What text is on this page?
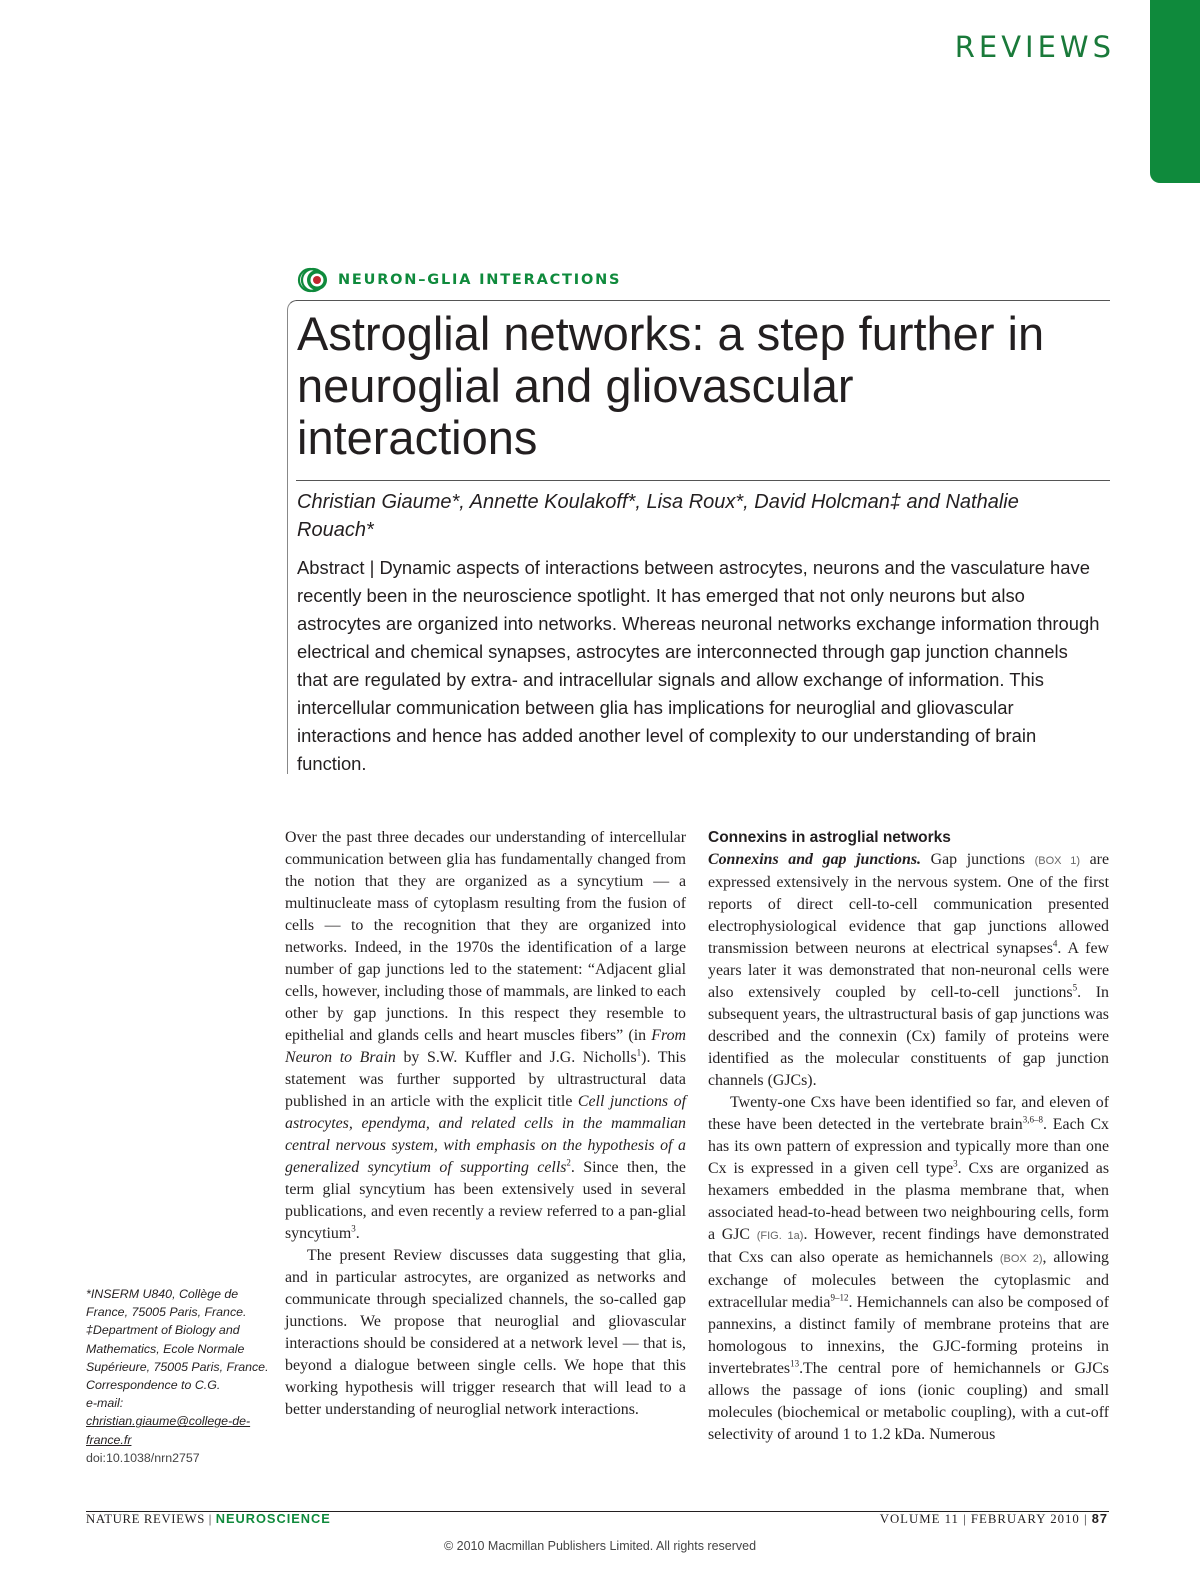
REVIEWS
NEURON–GLIA INTERACTIONS
Astroglial networks: a step further in neuroglial and gliovascular interactions
Christian Giaume*, Annette Koulakoff*, Lisa Roux*, David Holcman‡ and Nathalie Rouach*
Abstract | Dynamic aspects of interactions between astrocytes, neurons and the vasculature have recently been in the neuroscience spotlight. It has emerged that not only neurons but also astrocytes are organized into networks. Whereas neuronal networks exchange information through electrical and chemical synapses, astrocytes are interconnected through gap junction channels that are regulated by extra- and intracellular signals and allow exchange of information. This intercellular communication between glia has implications for neuroglial and gliovascular interactions and hence has added another level of complexity to our understanding of brain function.

Over the past three decades our understanding of intercellular communication between glia has fundamentally changed from the notion that they are organized as a syncytium — a multinucleate mass of cytoplasm resulting from the fusion of cells — to the recognition that they are organized into networks. Indeed, in the 1970s the identification of a large number of gap junctions led to the statement: “Adjacent glial cells, however, including those of mammals, are linked to each other by gap junctions. In this respect they resemble to epithelial and glands cells and heart muscles fibers” (in From Neuron to Brain by S.W. Kuffler and J.G. Nicholls$^1$). This statement was further supported by ultrastructural data published in an article with the explicit title Cell junctions of astrocytes, ependyma, and related cells in the mammalian central nervous system, with emphasis on the hypothesis of a generalized syncytium of supporting cells$^2$. Since then, the term glial syncytium has been extensively used in several publications, and even recently a review referred to a pan-glial syncytium$^3$.

The present Review discusses data suggesting that glia, and in particular astrocytes, are organized as networks and communicate through specialized channels, the so-called gap junctions. We propose that neuroglial and gliovascular interactions should be considered at a network level — that is, beyond a dialogue between single cells. We hope that this working hypothesis will trigger research that will lead to a better understanding of neuroglial network interactions.

Connexins in astroglial networks

Connexins and gap junctions. Gap junctions (BOX 1) are expressed extensively in the nervous system. One of the first reports of direct cell-to-cell communication presented electrophysiological evidence that gap junctions allowed transmission between neurons at electrical synapses$^4$. A few years later it was demonstrated that non-neuronal cells were also extensively coupled by cell-to-cell junctions$^5$. In subsequent years, the ultrastructural basis of gap junctions was described and the connexin (Cx) family of proteins were identified as the molecular constituents of gap junction channels (GJCs).

Twenty-one Cxs have been identified so far, and eleven of these have been detected in the vertebrate brain$^{3,6-8}$. Each Cx has its own pattern of expression and typically more than one Cx is expressed in a given cell type$^3$. Cxs are organized as hexamers embedded in the plasma membrane that, when associated head-to-head between two neighbouring cells, form a GJC (FIG. 1a). However, recent findings have demonstrated that Cxs can also operate as hemichannels (BOX 2), allowing exchange of molecules between the cytoplasmic and extracellular media$^{9-12}$. Hemichannels can also be composed of pannexins, a distinct family of membrane proteins that are homologous to innexins, the GJC-forming proteins in invertebrates$^{13}$.The central pore of hemichannels or GJCs allows the passage of ions (ionic coupling) and small molecules (biochemical or metabolic coupling), with a cut-off selectivity of around 1 to 1.2 kDa. Numerous

*INSERM U840, Collège de France, 75005 Paris, France.
‡Department of Biology and Mathematics, Ecole Normale Supérieure, 75005 Paris, France.
Correspondence to C.G.
e-mail: christian.giaume@college-de-france.fr
doi:10.1038/nrn2757
NATURE REVIEWS | NEUROSCIENCE	VOLUME 11 | FEBRUARY 2010 | 87
© 2010 Macmillan Publishers Limited. All rights reserved
